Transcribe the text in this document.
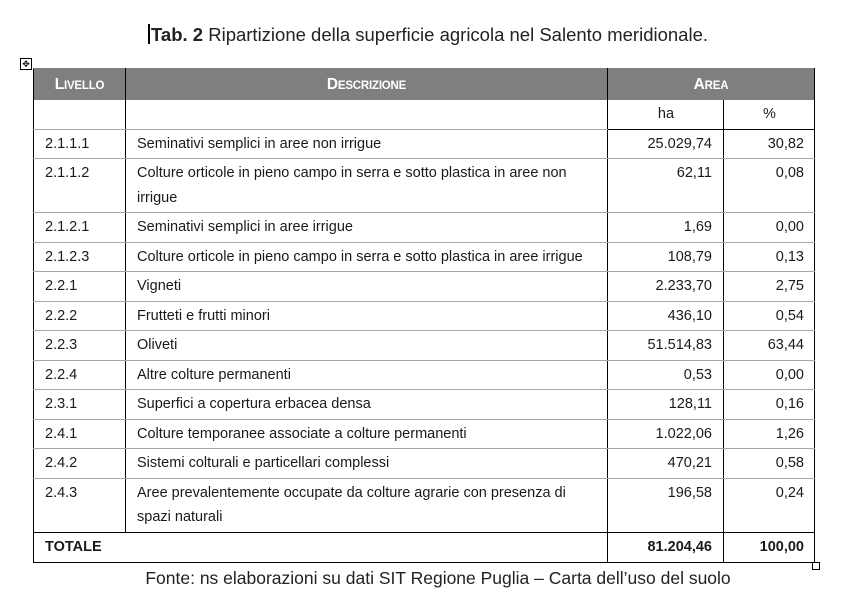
Tab. 2 Ripartizione della superficie agricola nel Salento meridionale.
✥
LIVELLO	DESCRIZIONE	AREA	
		ha	%
2.1.1.1	Seminativi semplici in aree non irrigue	25.029,74	30,82
2.1.1.2	Colture orticole in pieno campo in serra e sotto plastica in aree non irrigue	62,11	0,08
2.1.2.1	Seminativi semplici in aree irrigue	1,69	0,00
2.1.2.3	Colture orticole in pieno campo in serra e sotto plastica in aree irrigue	108,79	0,13
2.2.1	Vigneti	2.233,70	2,75
2.2.2	Frutteti e frutti minori	436,10	0,54
2.2.3	Oliveti	51.514,83	63,44
2.2.4	Altre colture permanenti	0,53	0,00
2.3.1	Superfici a copertura erbacea densa	128,11	0,16
2.4.1	Colture temporanee associate a colture permanenti	1.022,06	1,26
2.4.2	Sistemi colturali e particellari complessi	470,21	0,58
2.4.3	Aree prevalentemente occupate da colture agrarie con presenza di spazi naturali	196,58	0,24
TOTALE		81.204,46	100,00
Fonte: ns elaborazioni su dati SIT Regione Puglia – Carta dell’uso del suolo
